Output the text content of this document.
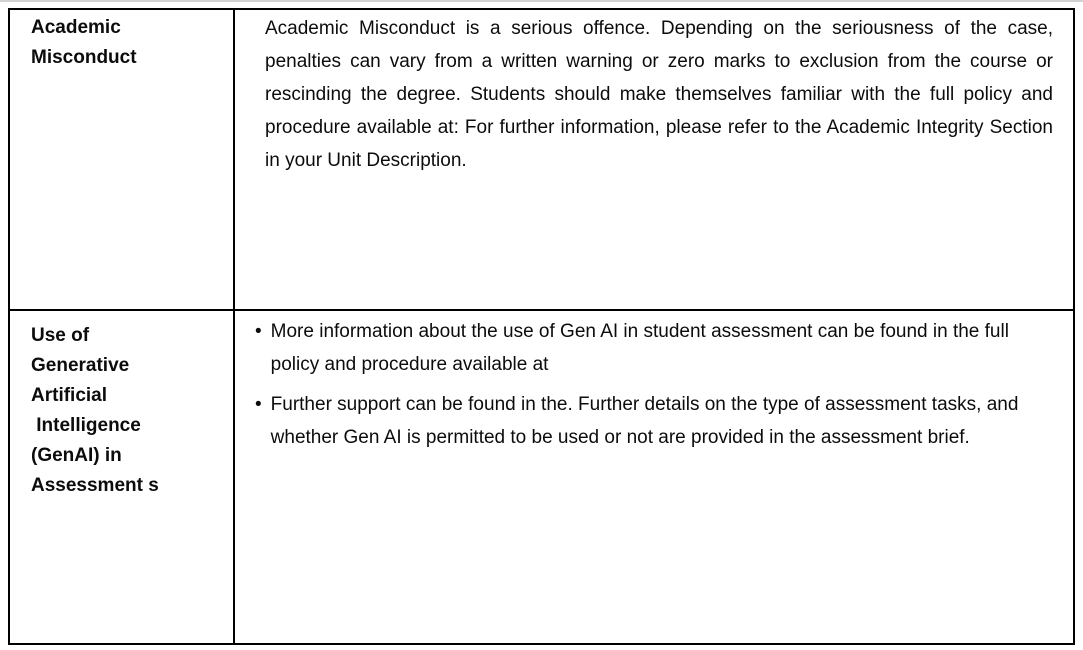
Academic
Misconduct

Academic Misconduct is a serious offence. Depending on the seriousness of the case, penalties can vary from a written warning or zero marks to exclusion from the course or rescinding the degree. Students should make themselves familiar with the full policy and procedure available at: For further information, please refer to the Academic Integrity Section in your Unit Description.

Use of
Generative
Artificial
Intelligence
(GenAI) in
Assessment s
• More information about the use of Gen AI in student assessment can be found in the full policy and procedure available at
• Further support can be found in the. Further details on the type of assessment tasks, and whether Gen AI is permitted to be used or not are provided in the assessment brief.
